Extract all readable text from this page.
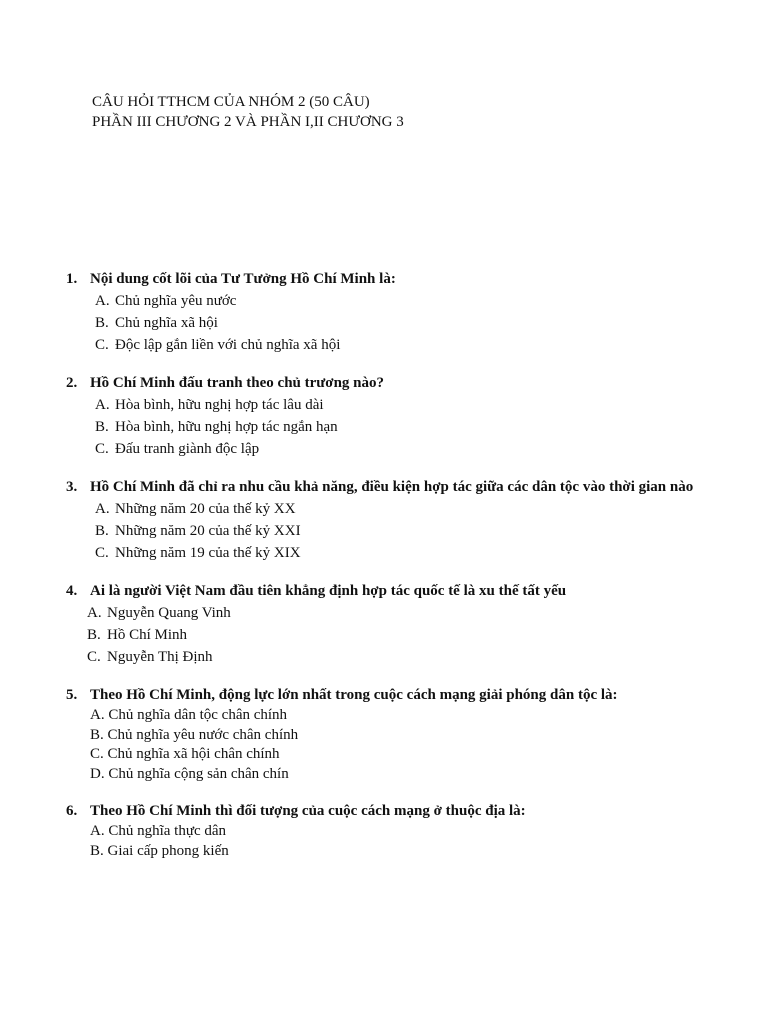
CÂU HỎI TTHCM CỦA NHÓM 2 (50 CÂU)
PHẦN III CHƯƠNG 2 VÀ PHẦN I,II CHƯƠNG 3
1. Nội dung cốt lõi của Tư Tưởng Hồ Chí Minh là:
A. Chủ nghĩa yêu nước
B. Chủ nghĩa xã hội
C. Độc lập gắn liền với chủ nghĩa xã hội
2. Hồ Chí Minh đấu tranh theo chủ trương nào?
A. Hòa bình, hữu nghị hợp tác lâu dài
B. Hòa bình, hữu nghị hợp tác ngắn hạn
C. Đấu tranh giành độc lập
3. Hồ Chí Minh đã chỉ ra nhu cầu khả năng, điều kiện hợp tác giữa các dân tộc vào thời gian nào
A. Những năm 20 của thế kỷ XX
B. Những năm 20 của thế kỷ XXI
C. Những năm 19 của thế kỷ XIX
4. Ai là người Việt Nam đầu tiên khẳng định hợp tác quốc tế là xu thế tất yếu
A. Nguyễn Quang Vinh
B. Hồ Chí Minh
C. Nguyễn Thị Định
5. Theo Hồ Chí Minh, động lực lớn nhất trong cuộc cách mạng giải phóng dân tộc là:
A. Chủ nghĩa dân tộc chân chính
B. Chủ nghĩa yêu nước chân chính
C. Chủ nghĩa xã hội chân chính
D. Chủ nghĩa cộng sản chân chín
6. Theo Hồ Chí Minh thì đối tượng của cuộc cách mạng ở thuộc địa là:
A. Chủ nghĩa thực dân
B. Giai cấp phong kiến
